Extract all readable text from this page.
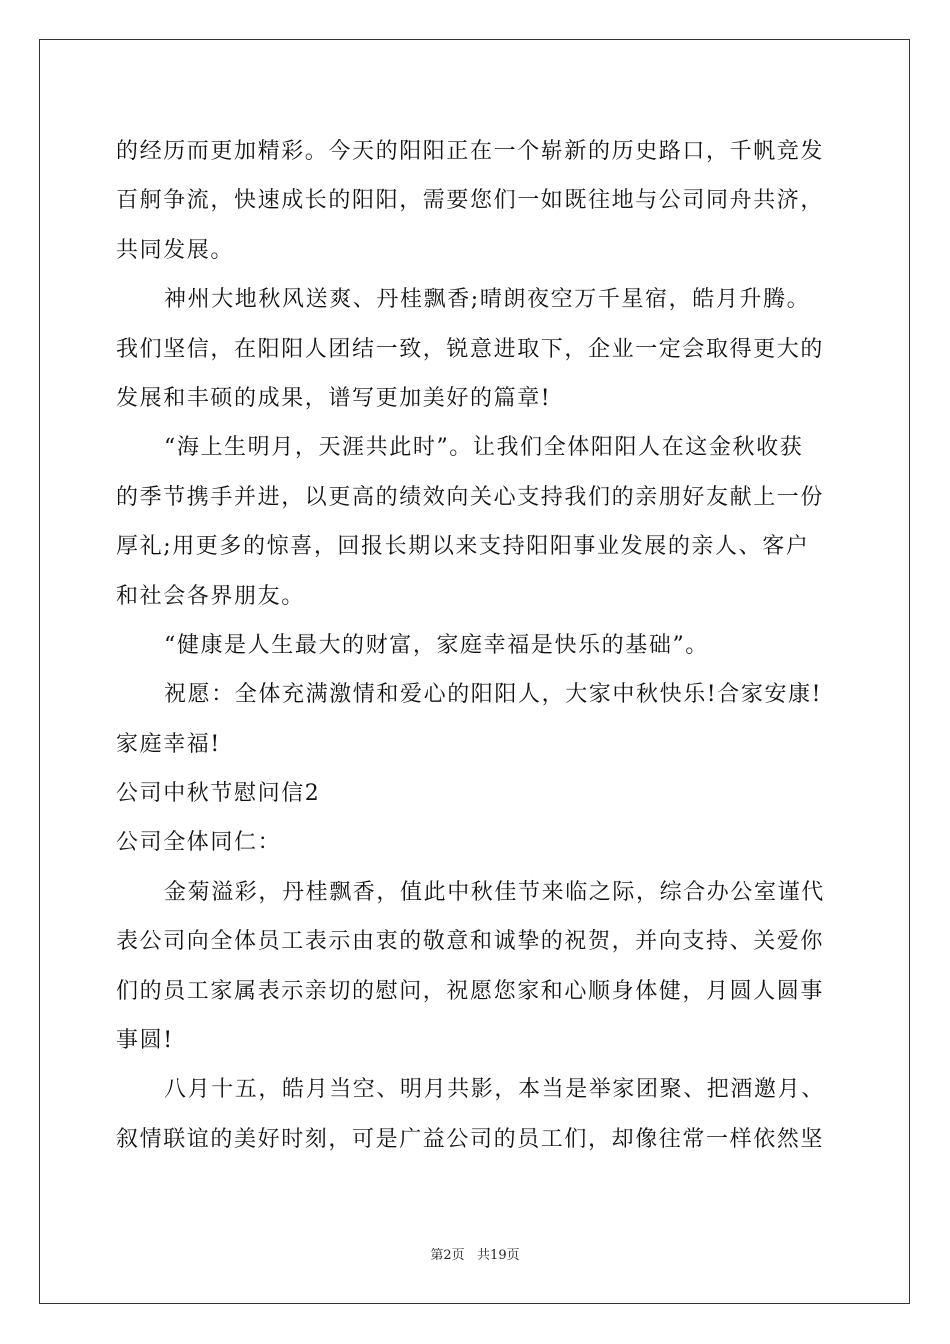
的经历而更加精彩。今天的阳阳正在一个崭新的历史路口，千帆竞发
百舸争流，快速成长的阳阳，需要您们一如既往地与公司同舟共济，
共同发展。
神州大地秋风送爽、丹桂飘香;晴朗夜空万千星宿，皓月升腾。
我们坚信，在阳阳人团结一致，锐意进取下，企业一定会取得更大的
发展和丰硕的成果，谱写更加美好的篇章!
“海上生明月，天涯共此时”。让我们全体阳阳人在这金秋收获
的季节携手并进，以更高的绩效向关心支持我们的亲朋好友献上一份
厚礼;用更多的惊喜，回报长期以来支持阳阳事业发展的亲人、客户
和社会各界朋友。
“健康是人生最大的财富，家庭幸福是快乐的基础”。
祝愿：全体充满激情和爱心的阳阳人，大家中秋快乐!合家安康!
家庭幸福!
公司中秋节慰问信2
公司全体同仁：
金菊溢彩，丹桂飘香，值此中秋佳节来临之际，综合办公室谨代
表公司向全体员工表示由衷的敬意和诚挚的祝贺，并向支持、关爱你
们的员工家属表示亲切的慰问，祝愿您家和心顺身体健，月圆人圆事
事圆!
八月十五，皓月当空、明月共影，本当是举家团聚、把酒邀月、
叙情联谊的美好时刻，可是广益公司的员工们，却像往常一样依然坚
第2页   共19页
